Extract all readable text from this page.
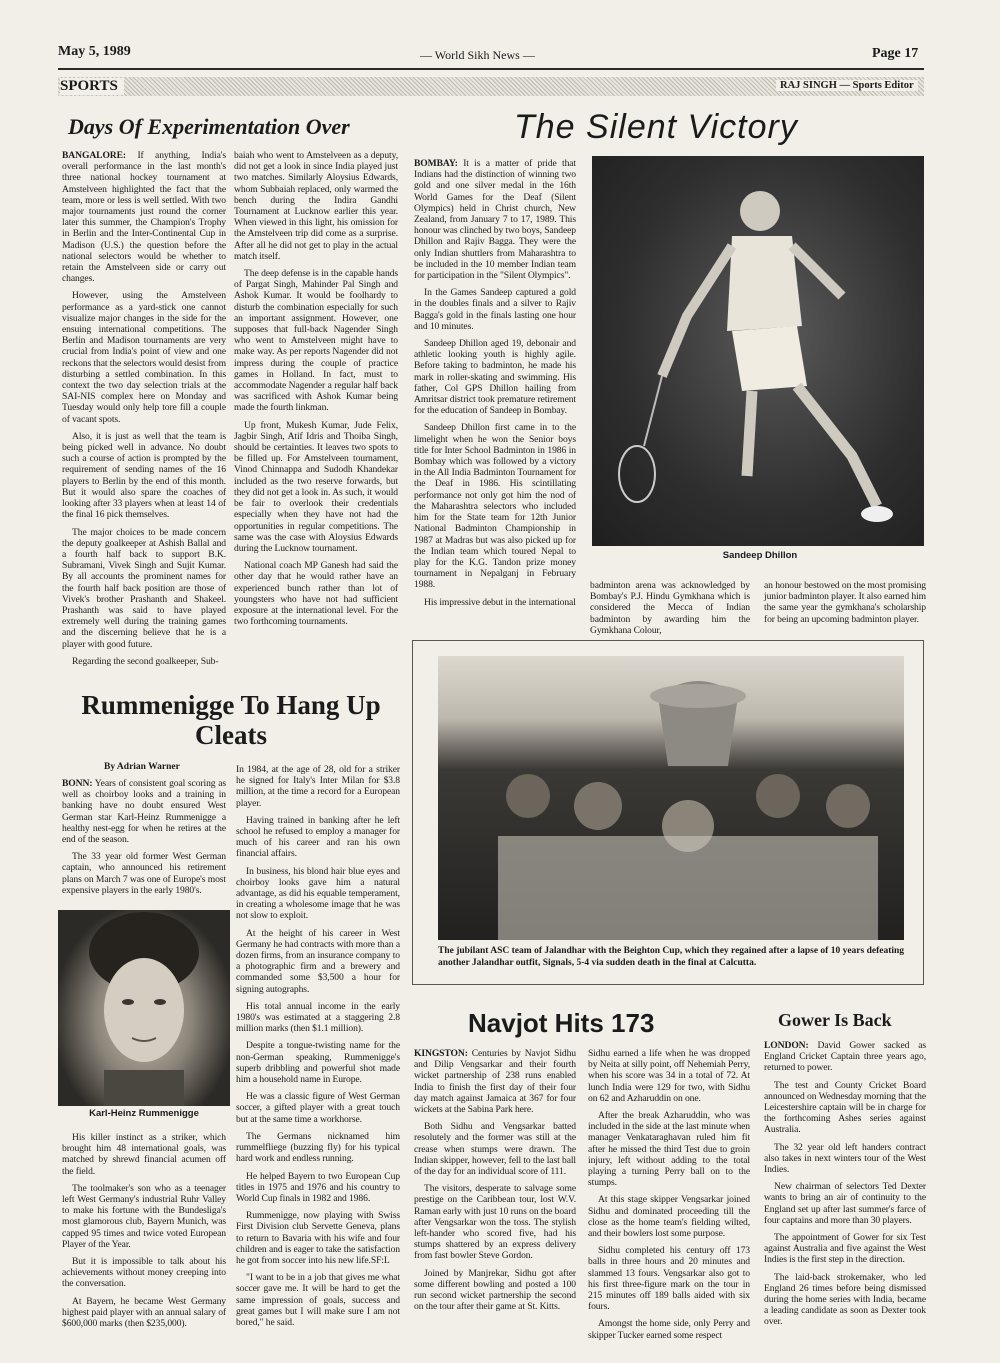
May 5, 1989	— World Sikh News —	Page 17
SPORTS	RAJ SINGH — Sports Editor
Days Of Experimentation Over

BANGALORE: If anything, India's overall performance in the last month's three national hockey tournament at Amstelveen highlighted the fact that the team, more or less is well settled. With two major tournaments just round the corner later this summer, the Champion's Trophy in Berlin and the Inter-Continental Cup in Madison (U.S.) the question before the national selectors would be whether to retain the Amstelveen side or carry out changes.

However, using the Amstelveen performance as a yard-stick one cannot visualize major changes in the side for the ensuing international competitions. The Berlin and Madison tournaments are very crucial from India's point of view and one reckons that the selectors would desist from disturbing a settled combination. In this context the two day selection trials at the SAI-NIS complex here on Monday and Tuesday would only help tore fill a couple of vacant spots.

Also, it is just as well that the team is being picked well in advance. No doubt such a course of action is prompted by the requirement of sending names of the 16 players to Berlin by the end of this month. But it would also spare the coaches of looking after 33 players when at least 14 of the final 16 pick themselves.

The major choices to be made concern the deputy goalkeeper at Ashish Ballal and a fourth half back to support B.K. Subramani, Vivek Singh and Sujit Kumar. By all accounts the prominent names for the fourth half back position are those of Vivek's brother Prashanth and Shakeel. Prashanth was said to have played extremely well during the training games and the discerning believe that he is a player with good future.

Regarding the second goalkeeper, Sub-

baiah who went to Amstelveen as a deputy, did not get a look in since India played just two matches. Similarly Aloysius Edwards, whom Subbaiah replaced, only warmed the bench during the Indira Gandhi Tournament at Lucknow earlier this year. When viewed in this light, his omission for the Amstelveen trip did come as a surprise. After all he did not get to play in the actual match itself.

The deep defense is in the capable hands of Pargat Singh, Mahinder Pal Singh and Ashok Kumar. It would be foolhardy to disturb the combination especially for such an important assignment. However, one supposes that full-back Nagender Singh who went to Amstelveen might have to make way. As per reports Nagender did not impress during the couple of practice games in Holland. In fact, must to accommodate Nagender a regular half back was sacrificed with Ashok Kumar being made the fourth linkman.

Up front, Mukesh Kumar, Jude Felix, Jagbir Singh, Atif Idris and Thoiba Singh, should be certainties. It leaves two spots to be filled up. For Amstelveen tournament, Vinod Chinnappa and Sudodh Khandekar included as the two reserve forwards, but they did not get a look in. As such, it would be fair to overlook their credentials especially when they have not had the opportunities in regular competitions. The same was the case with Aloysius Edwards during the Lucknow tournament.

National coach MP Ganesh had said the other day that he would rather have an experienced bunch rather than lot of youngsters who have not had sufficient exposure at the international level. For the two forthcoming tournaments.

The Silent Victory

BOMBAY: It is a matter of pride that Indians had the distinction of winning two gold and one silver medal in the 16th World Games for the Deaf (Silent Olympics) held in Christ church, New Zealand, from January 7 to 17, 1989. This honour was clinched by two boys, Sandeep Dhillon and Rajiv Bagga. They were the only Indian shuttlers from Maharashtra to be included in the 10 member Indian team for participation in the "Silent Olympics".

In the Games Sandeep captured a gold in the doubles finals and a silver to Rajiv Bagga's gold in the finals lasting one hour and 10 minutes.

Sandeep Dhillon aged 19, debonair and athletic looking youth is highly agile. Before taking to badminton, he made his mark in roller-skating and swimming. His father, Col GPS Dhillon hailing from Amritsar district took premature retirement for the education of Sandeep in Bombay.

Sandeep Dhillon first came in to the limelight when he won the Senior boys title for Inter School Badminton in 1986 in Bombay which was followed by a victory in the All India Badminton Tournament for the Deaf in 1986. His scintillating performance not only got him the nod of the Maharashtra selectors who included him for the State team for 12th Junior National Badminton Championship in 1987 at Madras but was also picked up for the Indian team which toured Nepal to play for the K.G. Tandon prize money tournament in Nepalganj in February 1988.

His impressive debut in the international

Sandeep Dhillon

badminton arena was acknowledged by Bombay's P.J. Hindu Gymkhana which is considered the Mecca of Indian badminton by awarding him the Gymkhana Colour,

an honour bestowed on the most promising junior badminton player. It also earned him the same year the gymkhana's scholarship for being an upcoming badminton player.

Rummenigge To Hang Up Cleats
By Adrian Warner

BONN: Years of consistent goal scoring as well as choirboy looks and a training in banking have no doubt ensured West German star Karl-Heinz Rummenigge a healthy nest-egg for when he retires at the end of the season.

The 33 year old former West German captain, who announced his retirement plans on March 7 was one of Europe's most expensive players in the early 1980's.

Karl-Heinz Rummenigge

His killer instinct as a striker, which brought him 48 international goals, was matched by shrewd financial acumen off the field.

The toolmaker's son who as a teenager left West Germany's industrial Ruhr Valley to make his fortune with the Bundesliga's most glamorous club, Bayern Munich, was capped 95 times and twice voted European Player of the Year.

But it is impossible to talk about his achievements without money creeping into the conversation.

At Bayern, he became West Germany highest paid player with an annual salary of $600,000 marks (then $235,000).

In 1984, at the age of 28, old for a striker he signed for Italy's Inter Milan for $3.8 million, at the time a record for a European player.

Having trained in banking after he left school he refused to employ a manager for much of his career and ran his own financial affairs.

In business, his blond hair blue eyes and choirboy looks gave him a natural advantage, as did his equable temperament, in creating a wholesome image that he was not slow to exploit.

At the height of his career in West Germany he had contracts with more than a dozen firms, from an insurance company to a photographic firm and a brewery and commanded some $3,500 a hour for signing autographs.

His total annual income in the early 1980's was estimated at a staggering 2.8 million marks (then $1.1 million).

Despite a tongue-twisting name for the non-German speaking, Rummenigge's superb dribbling and powerful shot made him a household name in Europe.

He was a classic figure of West German soccer, a gifted player with a great touch but at the same time a workhorse.

The Germans nicknamed him rummelfliege (buzzing fly) for his typical hard work and endless running.

He helped Bayern to two European Cup titles in 1975 and 1976 and his country to World Cup finals in 1982 and 1986.

Rummenigge, now playing with Swiss First Division club Servette Geneva, plans to return to Bavaria with his wife and four children and is eager to take the satisfaction he got from soccer into his new life.SF:L

"I want to be in a job that gives me what soccer gave me. It will be hard to get the same impression of goals, success and great games but I will make sure I am not bored," he said.

The jubilant ASC team of Jalandhar with the Beighton Cup, which they regained after a lapse of 10 years defeating another Jalandhar outfit, Signals, 5-4 via sudden death in the final at Calcutta.
Navjot Hits 173

KINGSTON: Centuries by Navjot Sidhu and Dilip Vengsarkar and their fourth wicket partnership of 238 runs enabled India to finish the first day of their four day match against Jamaica at 367 for four wickets at the Sabina Park here.

Both Sidhu and Vengsarkar batted resolutely and the former was still at the crease when stumps were drawn. The Indian skipper, however, fell to the last ball of the day for an individual score of 111.

The visitors, desperate to salvage some prestige on the Caribbean tour, lost W.V. Raman early with just 10 runs on the board after Vengsarkar won the toss. The stylish left-hander who scored five, had his stumps shattered by an express delivery from fast bowler Steve Gordon.

Joined by Manjrekar, Sidhu got after some different bowling and posted a 100 run second wicket partnership the second on the tour after their game at St. Kitts.

Sidhu earned a life when he was dropped by Neita at silly point, off Nehemiah Perry, when his score was 34 in a total of 72. At lunch India were 129 for two, with Sidhu on 62 and Azharuddin on one.

After the break Azharuddin, who was included in the side at the last minute when manager Venkataraghavan ruled him fit after he missed the third Test due to groin injury, left without adding to the total playing a turning Perry ball on to the stumps.

At this stage skipper Vengsarkar joined Sidhu and dominated proceeding till the close as the home team's fielding wilted, and their bowlers lost some purpose.

Sidhu completed his century off 173 balls in three hours and 20 minutes and slammed 13 fours. Vengsarkar also got to his first three-figure mark on the tour in 215 minutes off 189 balls aided with six fours.

Amongst the home side, only Perry and skipper Tucker earned some respect

Gower Is Back

LONDON: David Gower sacked as England Cricket Captain three years ago, returned to power.

The test and County Cricket Board announced on Wednesday morning that the Leicestershire captain will be in charge for the forthcoming Ashes series against Australia.

The 32 year old left handers contract also takes in next winters tour of the West Indies.

New chairman of selectors Ted Dexter wants to bring an air of continuity to the England set up after last summer's farce of four captains and more than 30 players.

The appointment of Gower for six Test against Australia and five against the West Indies is the first step in the direction.

The laid-back strokemaker, who led England 26 times before being dismissed during the home series with India, became a leading candidate as soon as Dexter took over.
